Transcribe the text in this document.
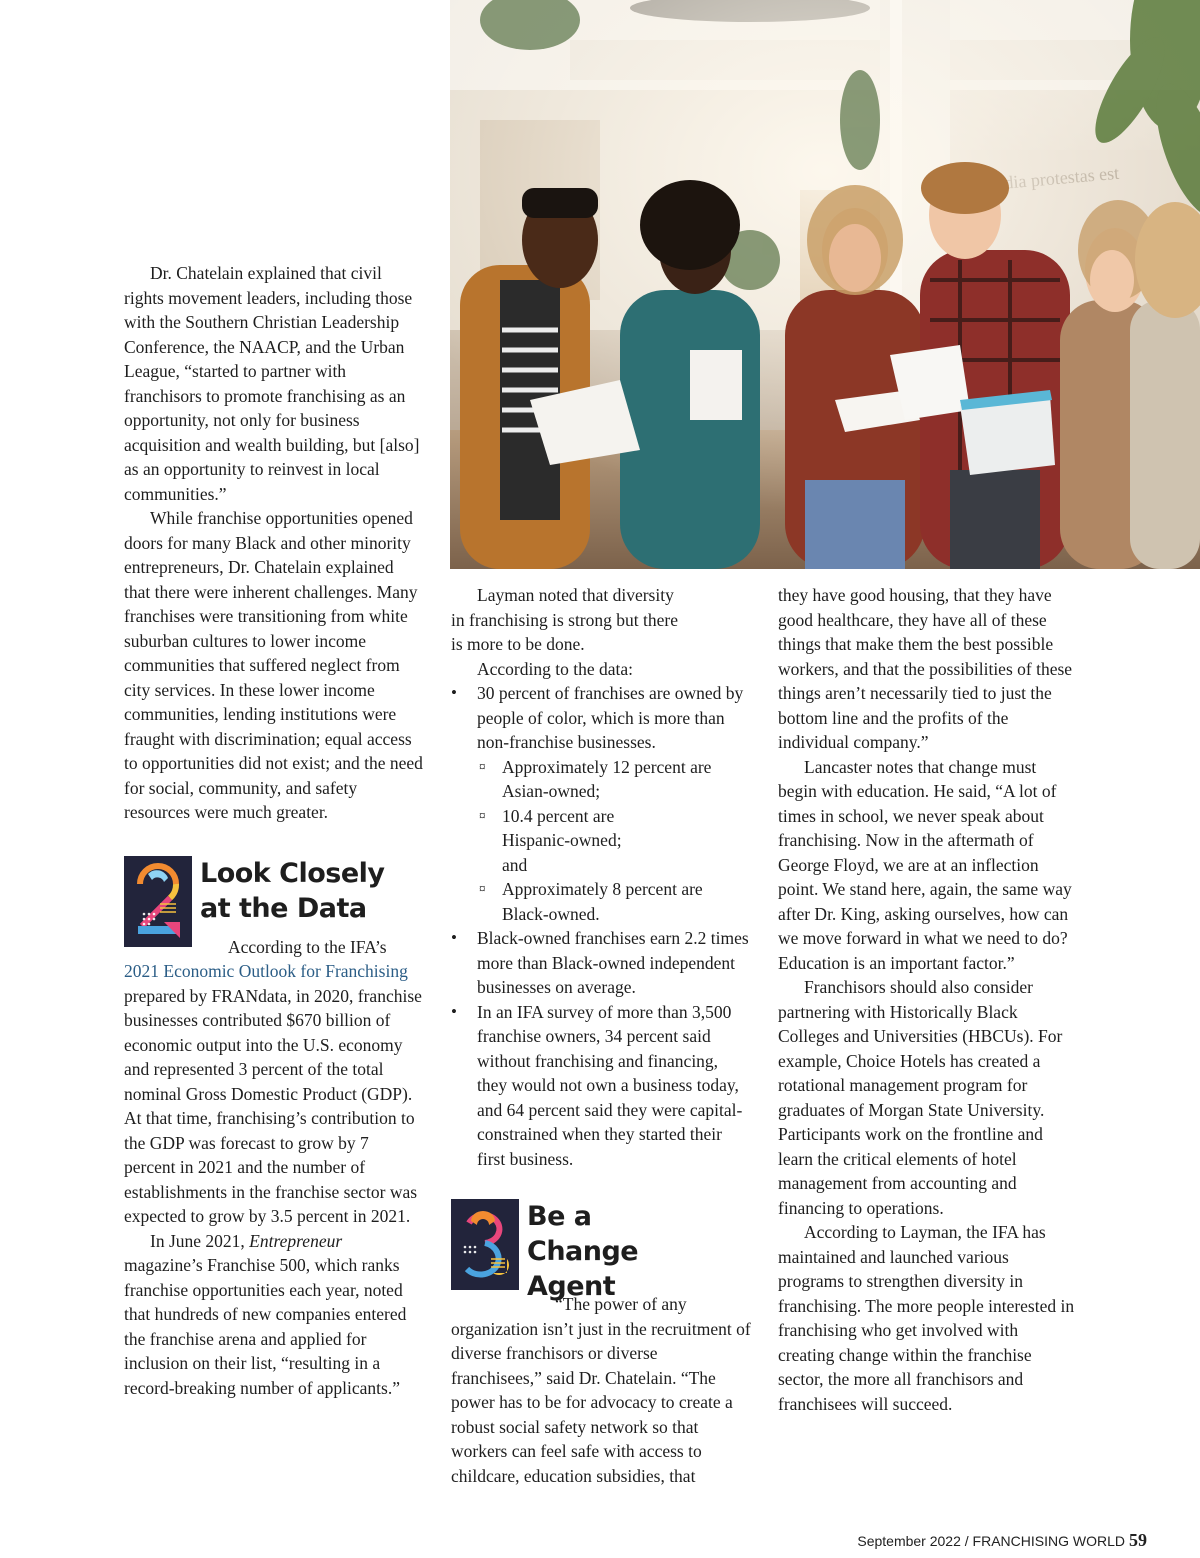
Dr. Chatelain explained that civil rights movement leaders, including those with the Southern Christian Leadership Conference, the NAACP, and the Urban League, “started to partner with franchisors to promote franchising as an opportunity, not only for business acquisition and wealth building, but [also] as an opportunity to reinvest in local communities.”

While franchise opportunities opened doors for many Black and other minority entrepreneurs, Dr. Chatelain explained that there were inherent challenges. Many franchises were transitioning from white suburban cultures to lower income communities that suffered neglect from city services. In these lower income communities, lending institutions were fraught with discrimination; equal access to opportunities did not exist; and the need for social, community, and safety resources were much greater.

Look Closely at the Data

According to the IFA’s 2021 Economic Outlook for Franchising prepared by FRANdata, in 2020, franchise businesses contributed $670 billion of economic output into the U.S. economy and represented 3 percent of the total nominal Gross Domestic Product (GDP). At that time, franchising’s contribution to the GDP was forecast to grow by 7 percent in 2021 and the number of establishments in the franchise sector was expected to grow by 3.5 percent in 2021.

In June 2021, Entrepreneur magazine’s Franchise 500, which ranks franchise opportunities each year, noted that hundreds of new companies entered the franchise arena and applied for inclusion on their list, “resulting in a record-breaking number of applicants.”

Layman noted that diversity in franchising is strong but there is more to be done.

According to the data:

• 30 percent of franchises are owned by people of color, which is more than non-franchise businesses.
¤ Approximately 12 percent are Asian-owned;
¤ 10.4 percent are Hispanic-owned; and
¤ Approximately 8 percent are Black-owned.
• Black-owned franchises earn 2.2 times more than Black-owned independent businesses on average.
• In an IFA survey of more than 3,500 franchise owners, 34 percent said without franchising and financing, they would not own a business today, and 64 percent said they were capital-constrained when they started their first business.
Be a Change Agent

“The power of any organization isn’t just in the recruitment of diverse franchisors or diverse franchisees,” said Dr. Chatelain. “The power has to be for advocacy to create a robust social safety network so that workers can feel safe with access to childcare, education subsidies, that

they have good housing, that they have good healthcare, they have all of these things that make them the best possible workers, and that the possibilities of these things aren’t necessarily tied to just the bottom line and the profits of the individual company.”

Lancaster notes that change must begin with education. He said, “A lot of times in school, we never speak about franchising. Now in the aftermath of George Floyd, we are at an inflection point. We stand here, again, the same way after Dr. King, asking ourselves, how can we move forward in what we need to do? Education is an important factor.”

Franchisors should also consider partnering with Historically Black Colleges and Universities (HBCUs). For example, Choice Hotels has created a rotational management program for graduates of Morgan State University. Participants work on the frontline and learn the critical elements of hotel management from accounting and financing to operations.

According to Layman, the IFA has maintained and launched various programs to strengthen diversity in franchising. The more people interested in franchising who get involved with creating change within the franchise sector, the more all franchisors and franchisees will succeed.

September 2022 / FRANCHISING WORLD 59
